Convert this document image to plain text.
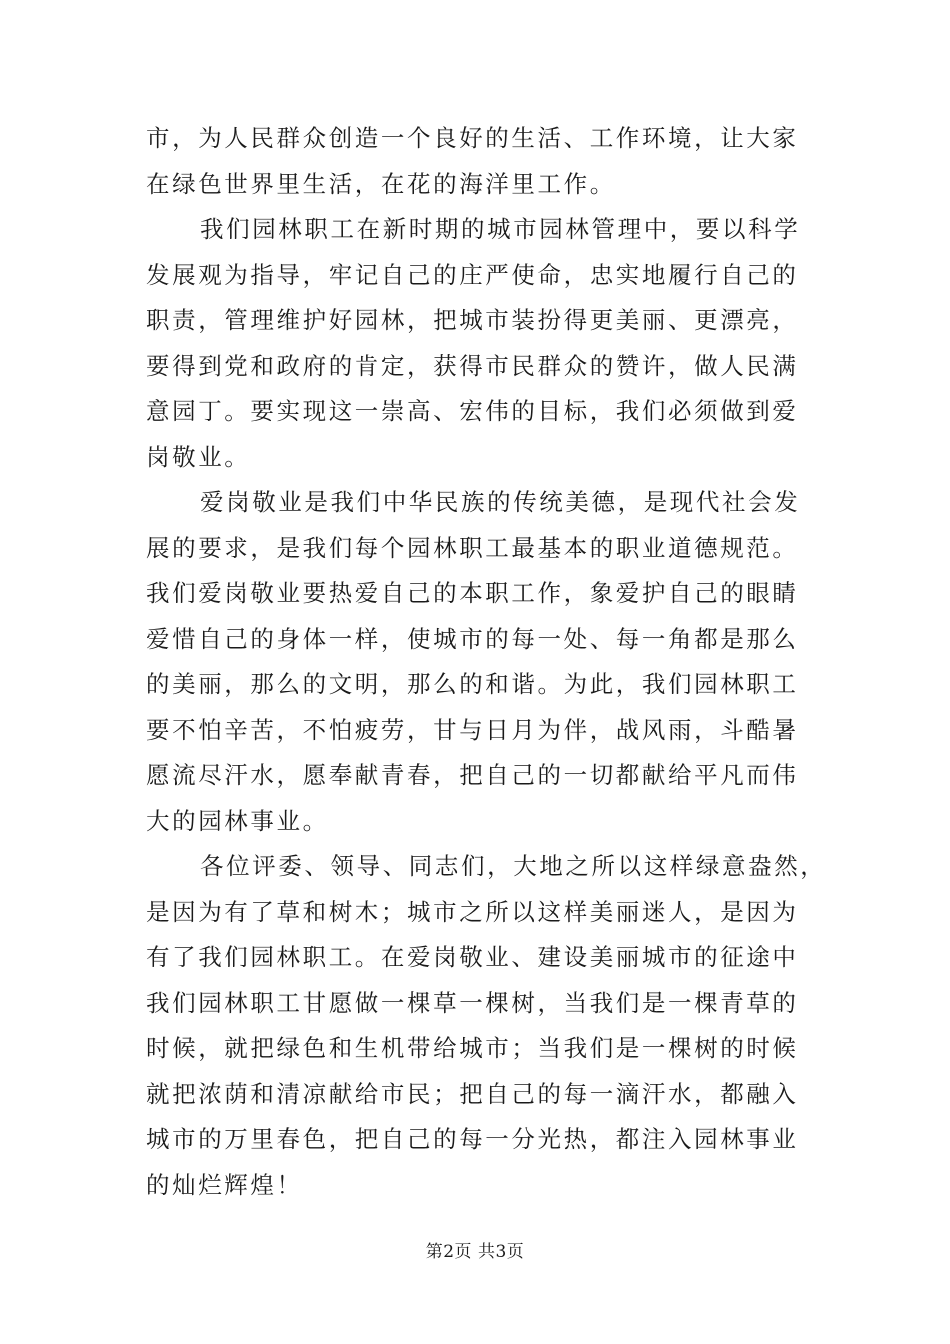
市，为人民群众创造一个良好的生活、工作环境，让大家
在绿色世界里生活，在花的海洋里工作。
我们园林职工在新时期的城市园林管理中，要以科学
发展观为指导，牢记自己的庄严使命，忠实地履行自己的
职责，管理维护好园林，把城市装扮得更美丽、更漂亮，
要得到党和政府的肯定，获得市民群众的赞许，做人民满
意园丁。要实现这一崇高、宏伟的目标，我们必须做到爱
岗敬业。
爱岗敬业是我们中华民族的传统美德，是现代社会发
展的要求，是我们每个园林职工最基本的职业道德规范。
我们爱岗敬业要热爱自己的本职工作，象爱护自己的眼睛
爱惜自己的身体一样，使城市的每一处、每一角都是那么
的美丽，那么的文明，那么的和谐。为此，我们园林职工
要不怕辛苦，不怕疲劳，甘与日月为伴，战风雨，斗酷暑
愿流尽汗水，愿奉献青春，把自己的一切都献给平凡而伟
大的园林事业。
各位评委、领导、同志们，大地之所以这样绿意盎然，
是因为有了草和树木；城市之所以这样美丽迷人，是因为
有了我们园林职工。在爱岗敬业、建设美丽城市的征途中
我们园林职工甘愿做一棵草一棵树，当我们是一棵青草的
时候，就把绿色和生机带给城市；当我们是一棵树的时候
就把浓荫和清凉献给市民；把自己的每一滴汗水，都融入
城市的万里春色，把自己的每一分光热，都注入园林事业
的灿烂辉煌！
第2页 共3页
